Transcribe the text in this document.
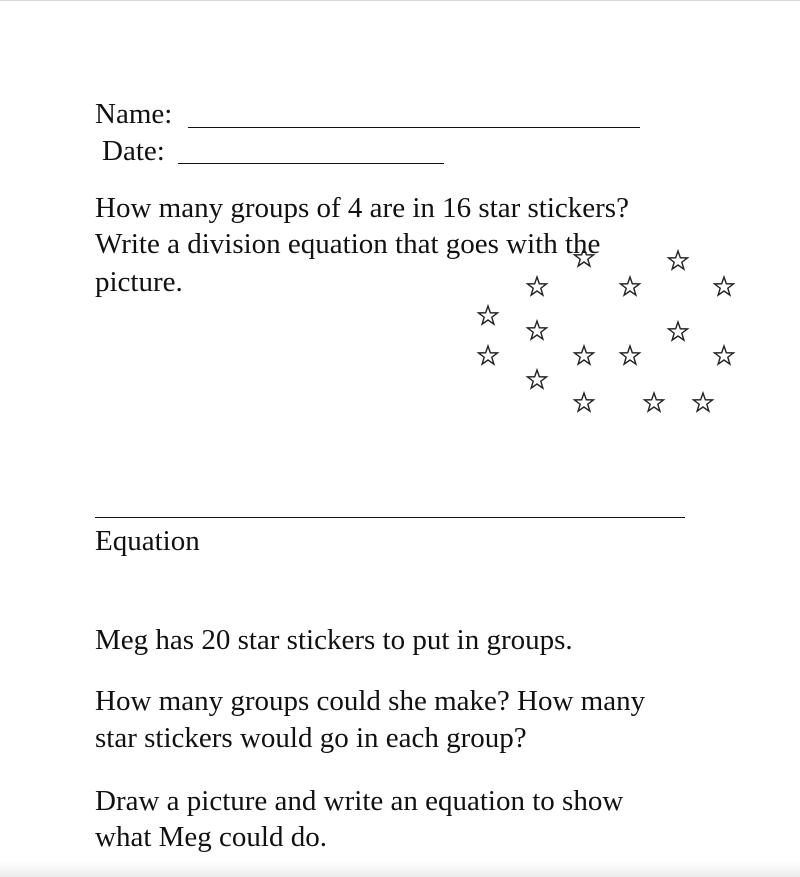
Name:

Date:

How many groups of 4 are in 16 star stickers?

Write a division equation that goes with the

picture.

Equation

Meg has 20 star stickers to put in groups.

How many groups could she make? How many

star stickers would go in each group?

Draw a picture and write an equation to show

what Meg could do.
